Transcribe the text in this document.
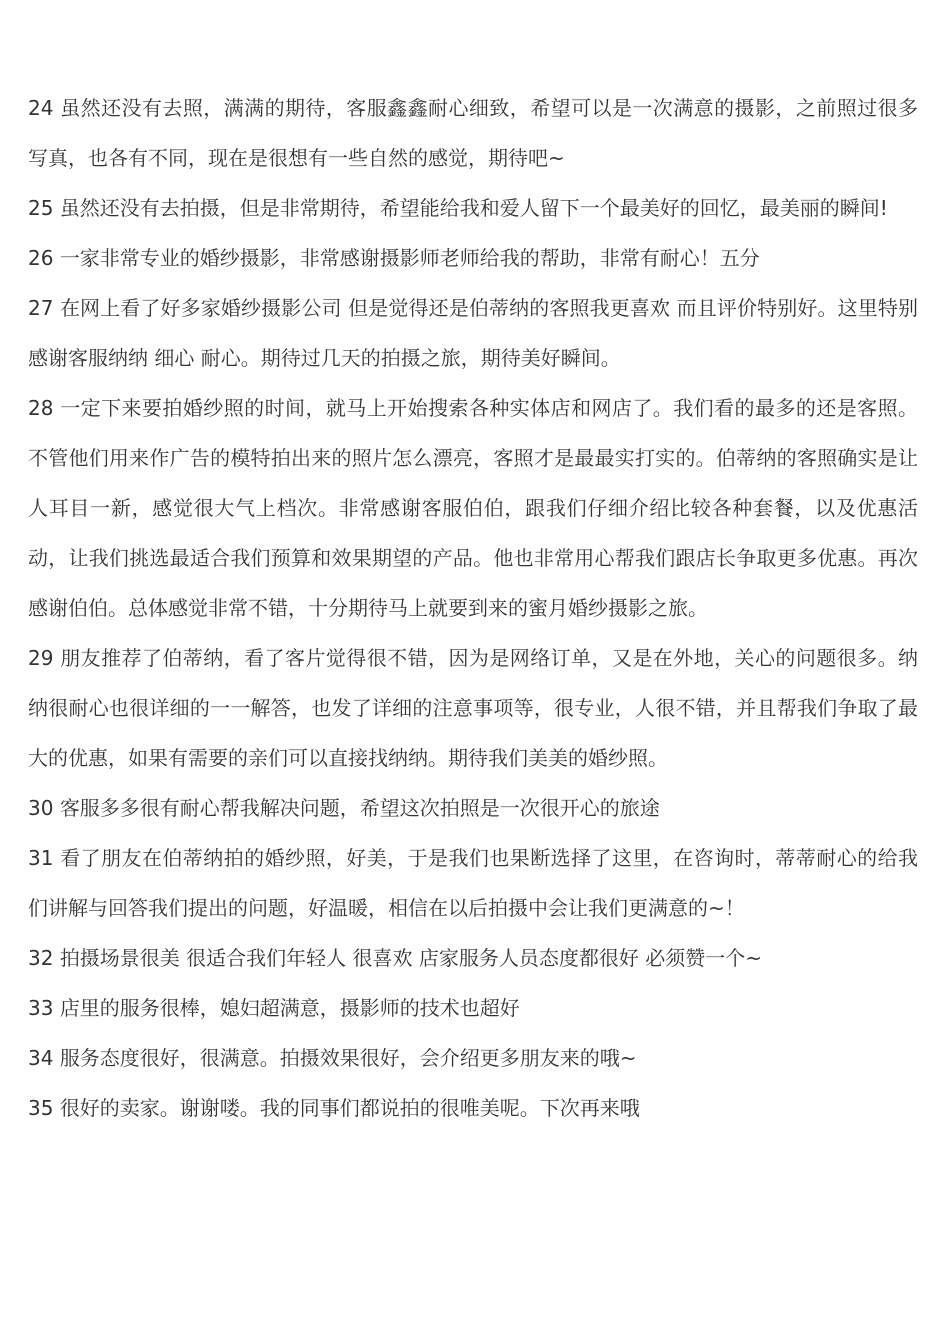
24 虽然还没有去照，满满的期待，客服鑫鑫耐心细致，希望可以是一次满意的摄影，之前照过很多写真，也各有不同，现在是很想有一些自然的感觉，期待吧~

25 虽然还没有去拍摄，但是非常期待，希望能给我和爱人留下一个最美好的回忆，最美丽的瞬间!

26 一家非常专业的婚纱摄影，非常感谢摄影师老师给我的帮助，非常有耐心！五分

27 在网上看了好多家婚纱摄影公司 但是觉得还是伯蒂纳的客照我更喜欢 而且评价特别好。这里特别感谢客服纳纳 细心 耐心。期待过几天的拍摄之旅，期待美好瞬间。

28 一定下来要拍婚纱照的时间，就马上开始搜索各种实体店和网店了。我们看的最多的还是客照。不管他们用来作广告的模特拍出来的照片怎么漂亮，客照才是最最实打实的。伯蒂纳的客照确实是让人耳目一新，感觉很大气上档次。非常感谢客服伯伯，跟我们仔细介绍比较各种套餐，以及优惠活动，让我们挑选最适合我们预算和效果期望的产品。他也非常用心帮我们跟店长争取更多优惠。再次感谢伯伯。总体感觉非常不错，十分期待马上就要到来的蜜月婚纱摄影之旅。

29 朋友推荐了伯蒂纳，看了客片觉得很不错，因为是网络订单，又是在外地，关心的问题很多。纳纳很耐心也很详细的一一解答，也发了详细的注意事项等，很专业，人很不错，并且帮我们争取了最大的优惠，如果有需要的亲们可以直接找纳纳。期待我们美美的婚纱照。

30 客服多多很有耐心帮我解决问题，希望这次拍照是一次很开心的旅途

31 看了朋友在伯蒂纳拍的婚纱照，好美，于是我们也果断选择了这里，在咨询时，蒂蒂耐心的给我们讲解与回答我们提出的问题，好温暖，相信在以后拍摄中会让我们更满意的~！

32 拍摄场景很美 很适合我们年轻人 很喜欢 店家服务人员态度都很好 必须赞一个~

33 店里的服务很棒，媳妇超满意，摄影师的技术也超好

34 服务态度很好，很满意。拍摄效果很好，会介绍更多朋友来的哦~

35 很好的卖家。谢谢喽。我的同事们都说拍的很唯美呢。下次再来哦
